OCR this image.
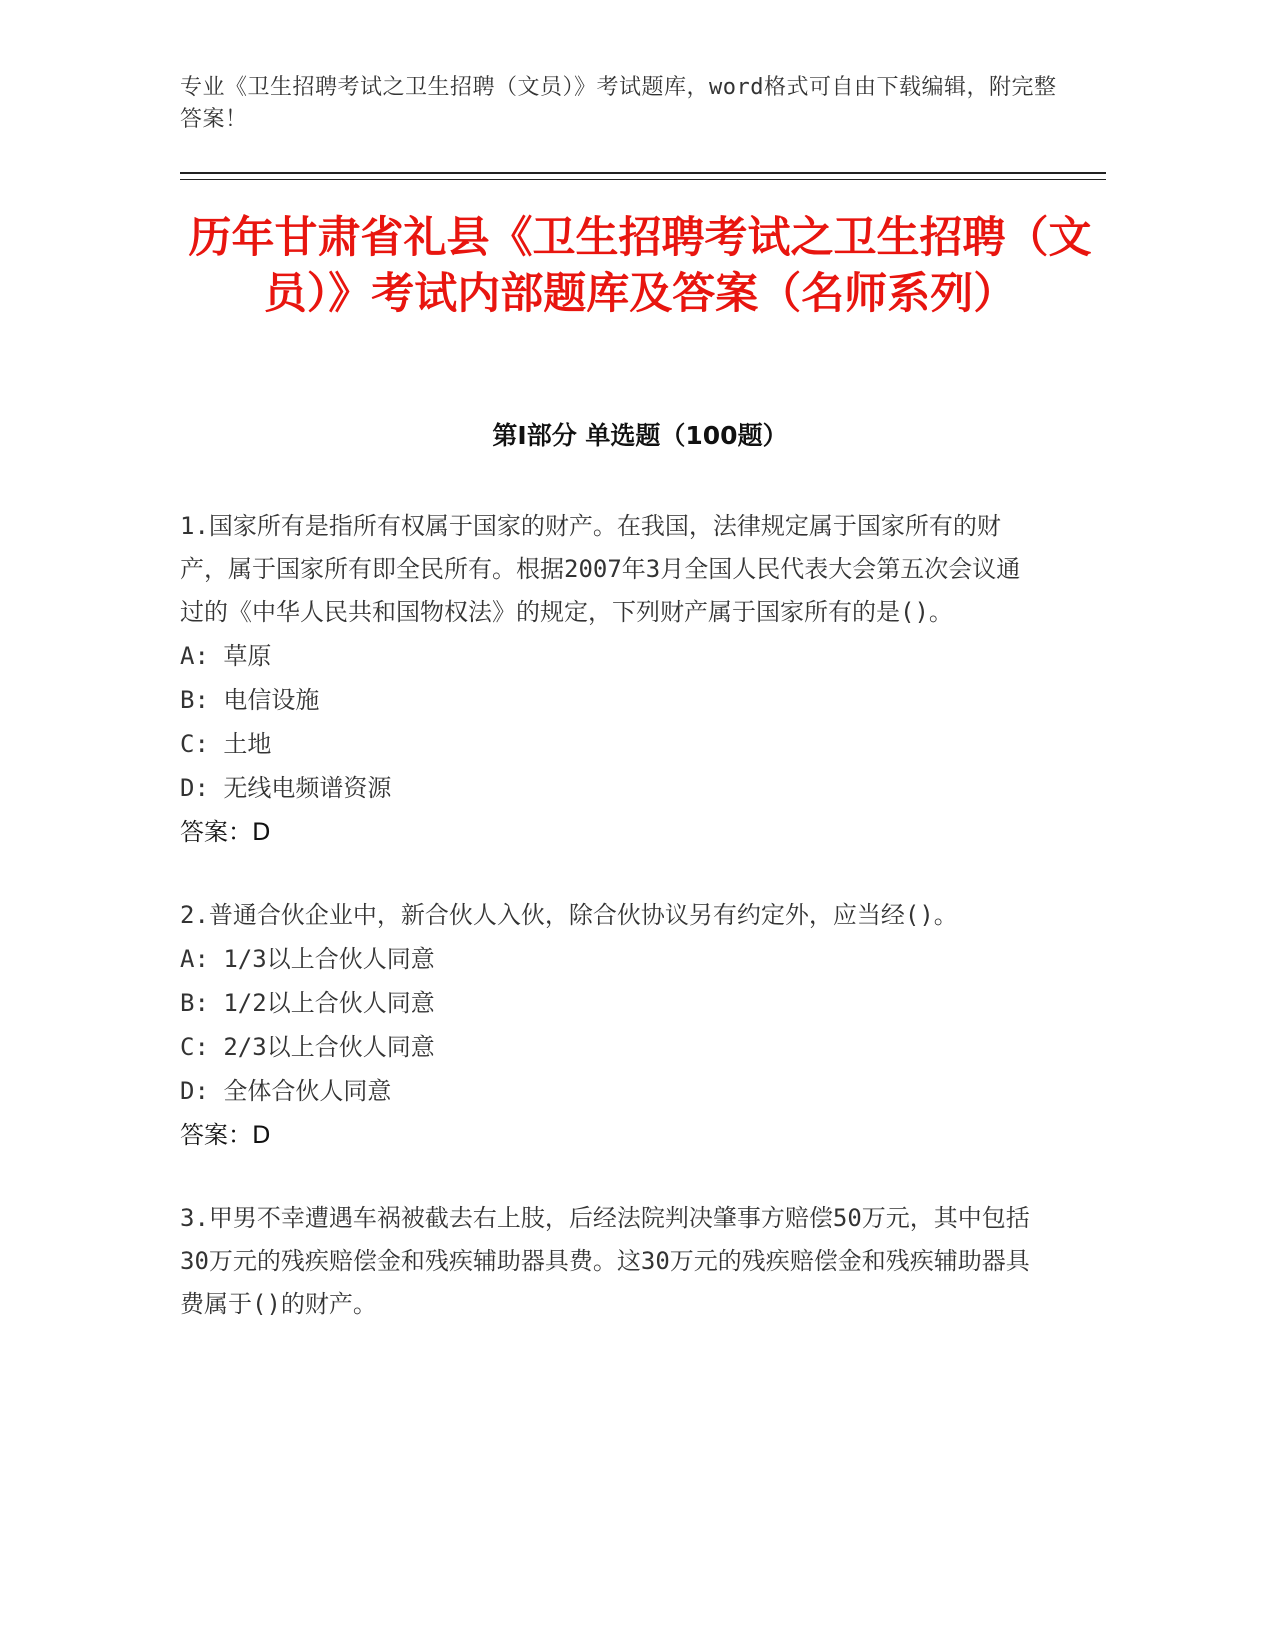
专业《卫生招聘考试之卫生招聘（文员）》考试题库，word格式可自由下载编辑，附完整答案！
历年甘肃省礼县《卫生招聘考试之卫生招聘（文员）》考试内部题库及答案（名师系列）
第I部分 单选题（100题）

1.国家所有是指所有权属于国家的财产。在我国，法律规定属于国家所有的财产，属于国家所有即全民所有。根据2007年3月全国人民代表大会第五次会议通过的《中华人民共和国物权法》的规定，下列财产属于国家所有的是()。

A: 草原

B: 电信设施

C: 土地

D: 无线电频谱资源

答案：D

2.普通合伙企业中，新合伙人入伙，除合伙协议另有约定外，应当经()。

A: 1/3以上合伙人同意

B: 1/2以上合伙人同意

C: 2/3以上合伙人同意

D: 全体合伙人同意

答案：D

3.甲男不幸遭遇车祸被截去右上肢，后经法院判决肇事方赔偿50万元，其中包括30万元的残疾赔偿金和残疾辅助器具费。这30万元的残疾赔偿金和残疾辅助器具费属于()的财产。
